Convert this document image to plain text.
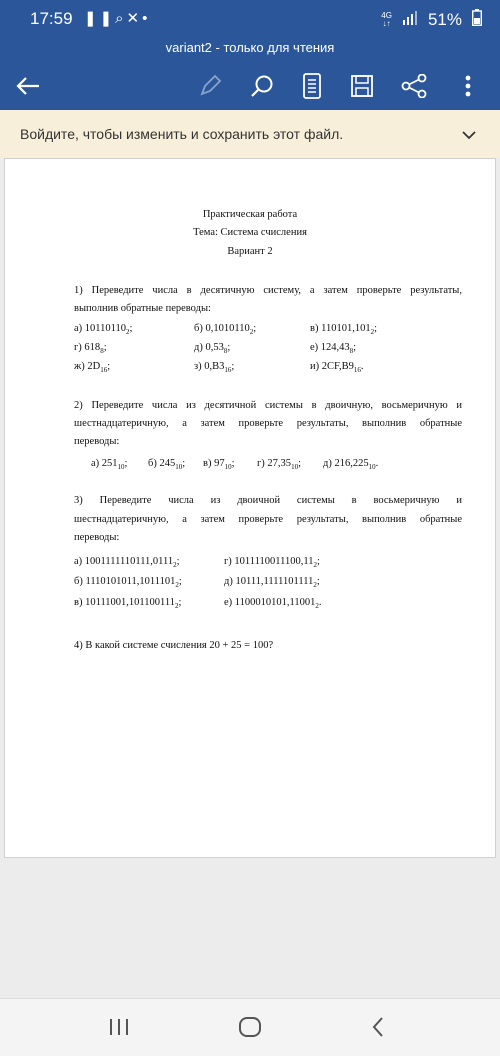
17:59 ❚❚⌕✕•	4G
↓↑ 51%
variant2 - только для чтения
Войдите, чтобы изменить и сохранить этот файл.
Практическая работа
Тема: Система счисления
Вариант 2
1) Переведите числа в десятичную систему, а затем проверьте результаты,
выполнив обратные переводы:
а) $10110110_2$;	б) $0,1010110_2$;	в) $110101,101_2$;
г) $618_8$;	д) $0,53_8$;	е) $124,43_8$;
ж) $2D_{16}$;	з) $0,B3_{16}$;	и) $2CF,B9_{16}$.
2) Переведите числа из десятичной системы в двоичную, восьмеричную и
шестнадцатеричную, а затем проверьте результаты, выполнив обратные
переводы:
а) $251_{10}$; б) $245_{10}$; в) $97_{10}$; г) $27,35_{10}$; д) $216,225_{10}$.
3) Переведите числа из двоичной системы в восьмеричную и
шестнадцатеричную, а затем проверьте результаты, выполнив обратные
переводы:
а) $1001111110111,0111_2$;	г) $1011110011100,11_2$;
б) $1110101011,1011101_2$;	д) $10111,1111101111_2$;
в) $10111001,101100111_2$;	е) $1100010101,11001_2$.
4) В какой системе счисления 20 + 25 = 100?
